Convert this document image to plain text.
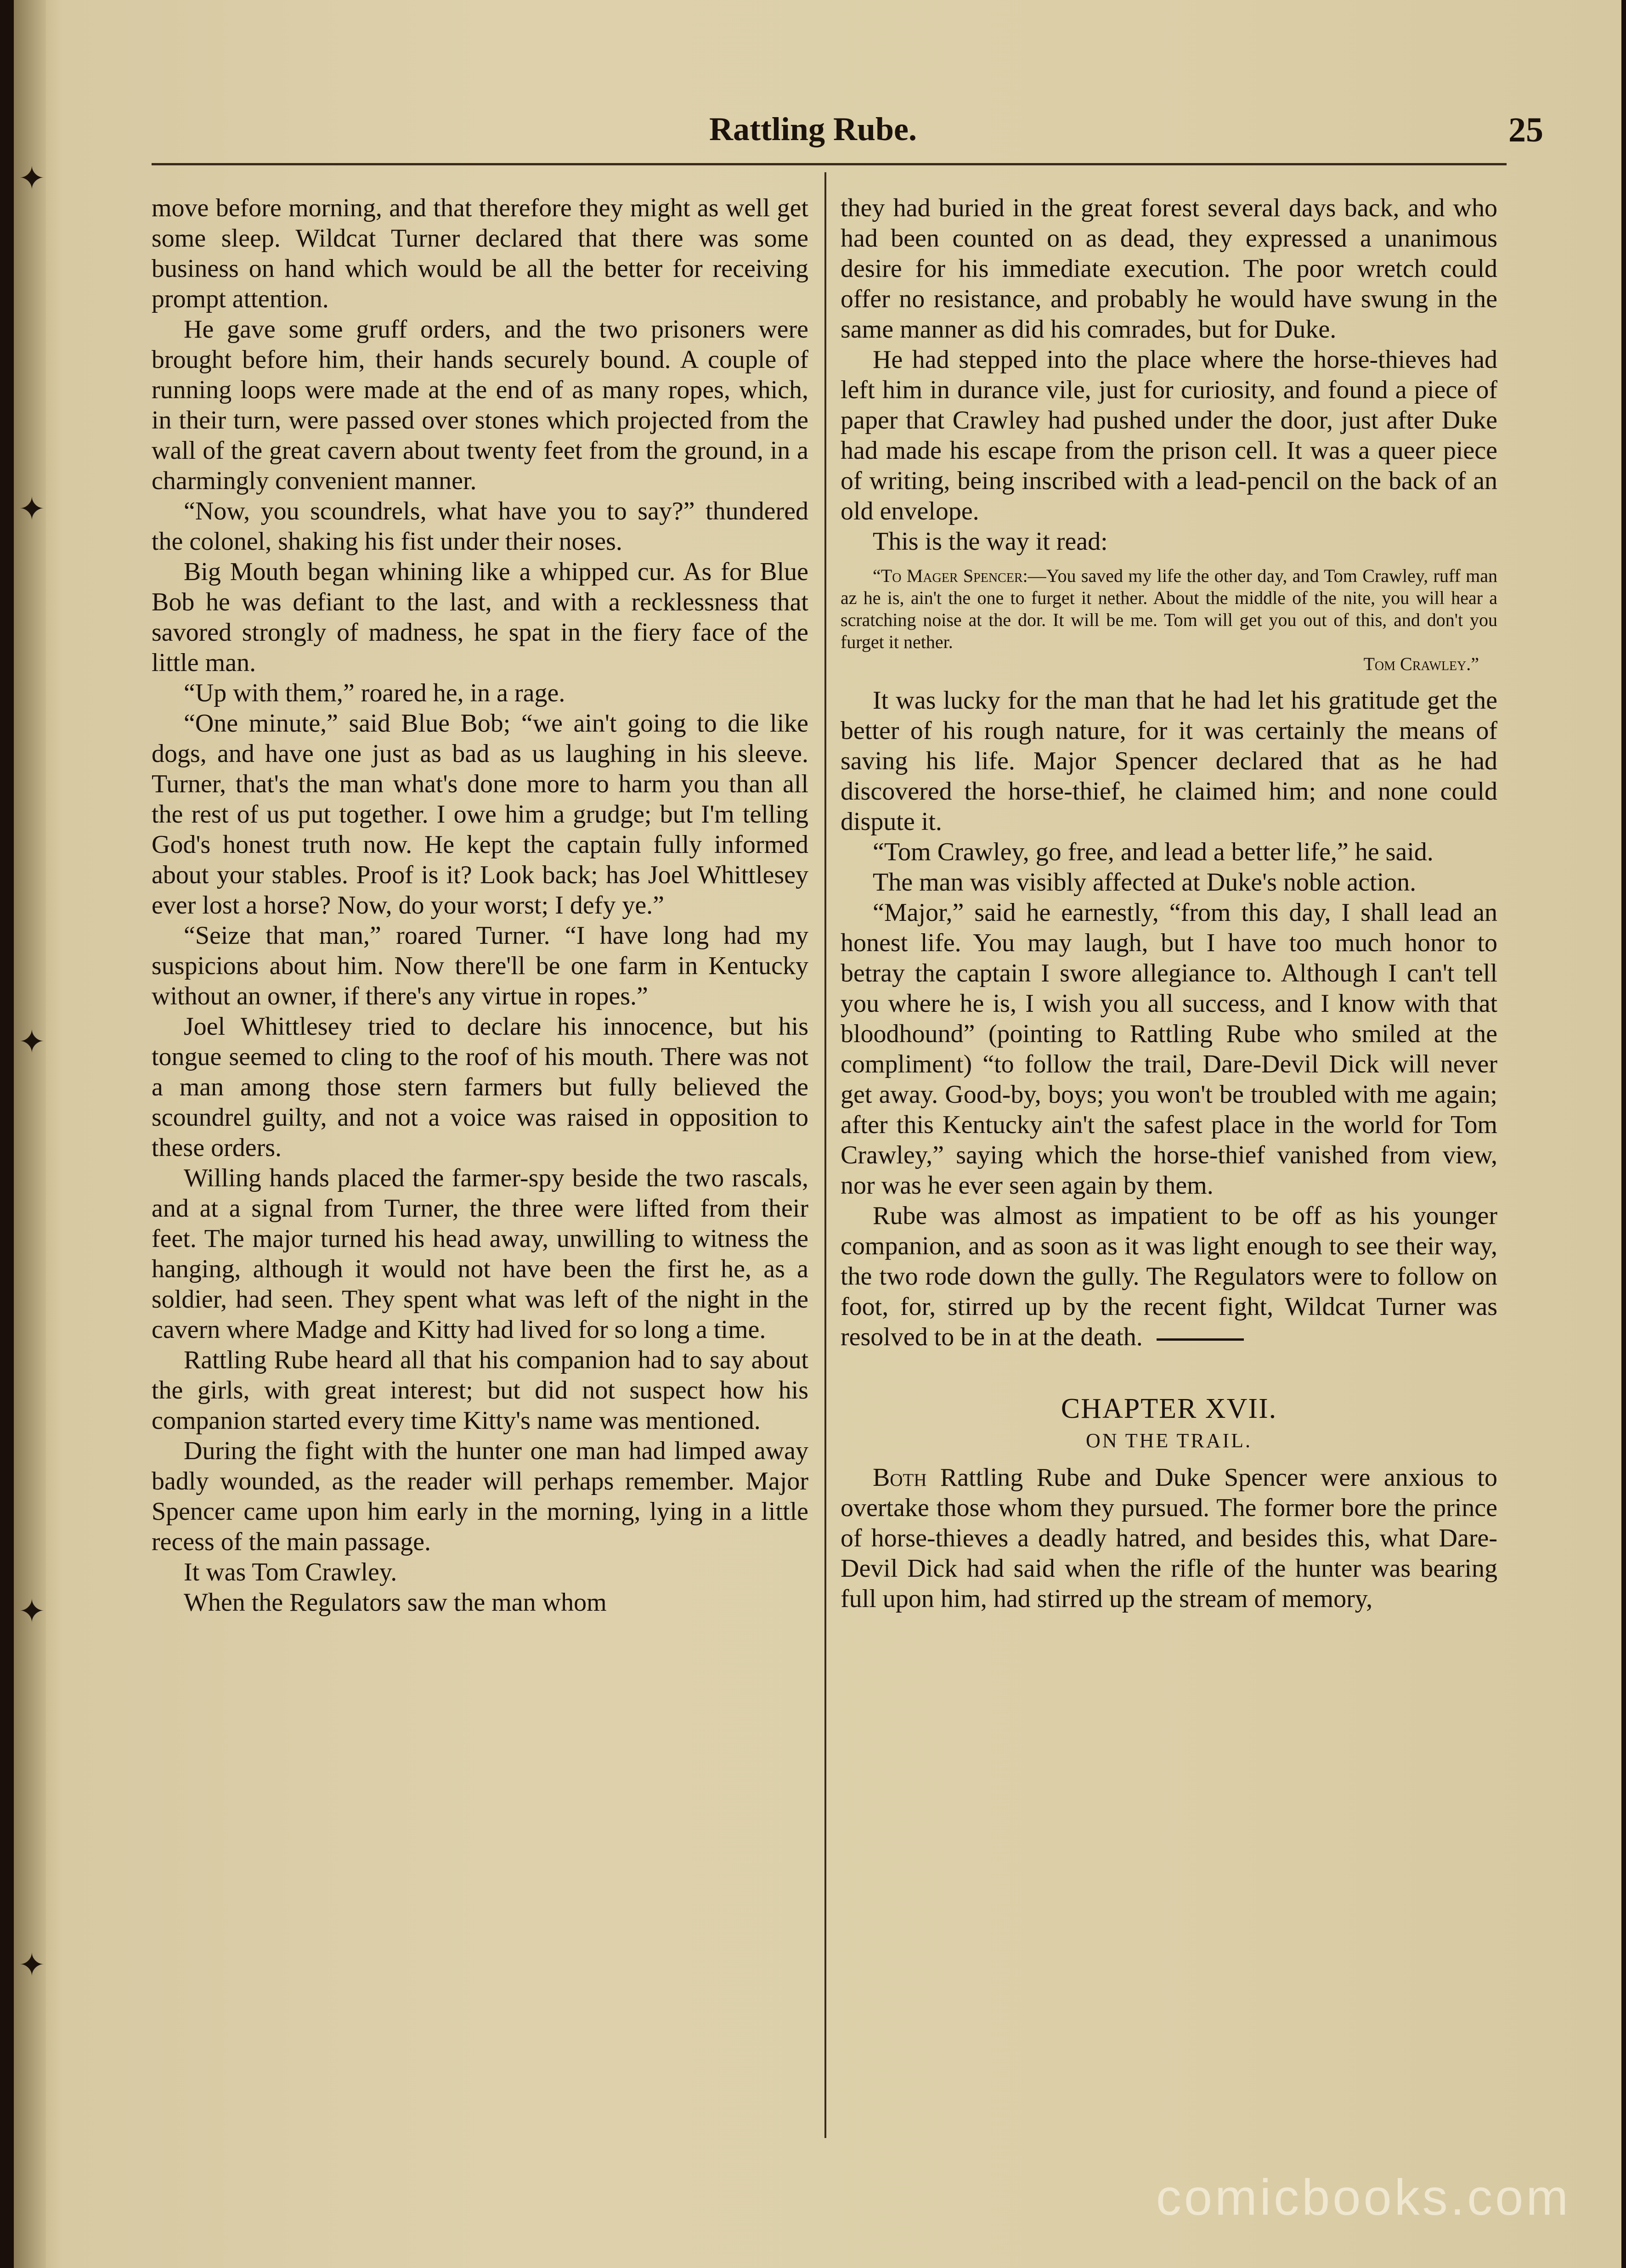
✦
✦
✦
✦
✦
Rattling Rube.	25

move before morning, and that therefore they might as well get some sleep. Wildcat Turner declared that there was some business on hand which would be all the better for receiving prompt attention.

He gave some gruff orders, and the two prisoners were brought before him, their hands securely bound. A couple of running loops were made at the end of as many ropes, which, in their turn, were passed over stones which projected from the wall of the great cavern about twenty feet from the ground, in a charmingly convenient manner.

“Now, you scoundrels, what have you to say?” thundered the colonel, shaking his fist under their noses.

Big Mouth began whining like a whipped cur. As for Blue Bob he was defiant to the last, and with a recklessness that savored strongly of madness, he spat in the fiery face of the little man.

“Up with them,” roared he, in a rage.

“One minute,” said Blue Bob; “we ain't going to die like dogs, and have one just as bad as us laughing in his sleeve. Turner, that's the man what's done more to harm you than all the rest of us put together. I owe him a grudge; but I'm telling God's honest truth now. He kept the captain fully informed about your stables. Proof is it? Look back; has Joel Whittlesey ever lost a horse? Now, do your worst; I defy ye.”

“Seize that man,” roared Turner. “I have long had my suspicions about him. Now there'll be one farm in Kentucky without an owner, if there's any virtue in ropes.”

Joel Whittlesey tried to declare his innocence, but his tongue seemed to cling to the roof of his mouth. There was not a man among those stern farmers but fully believed the scoundrel guilty, and not a voice was raised in opposition to these orders.

Willing hands placed the farmer-spy beside the two rascals, and at a signal from Turner, the three were lifted from their feet. The major turned his head away, unwilling to witness the hanging, although it would not have been the first he, as a soldier, had seen. They spent what was left of the night in the cavern where Madge and Kitty had lived for so long a time.

Rattling Rube heard all that his companion had to say about the girls, with great interest; but did not suspect how his companion started every time Kitty's name was mentioned.

During the fight with the hunter one man had limped away badly wounded, as the reader will perhaps remember. Major Spencer came upon him early in the morning, lying in a little recess of the main passage.

It was Tom Crawley.

When the Regulators saw the man whom

they had buried in the great forest several days back, and who had been counted on as dead, they expressed a unanimous desire for his immediate execution. The poor wretch could offer no resistance, and probably he would have swung in the same manner as did his comrades, but for Duke.

He had stepped into the place where the horse-thieves had left him in durance vile, just for curiosity, and found a piece of paper that Crawley had pushed under the door, just after Duke had made his escape from the prison cell. It was a queer piece of writing, being inscribed with a lead-pencil on the back of an old envelope.

This is the way it read:

“To Mager Spencer:—You saved my life the other day, and Tom Crawley, ruff man az he is, ain't the one to furget it nether. About the middle of the nite, you will hear a scratching noise at the dor. It will be me. Tom will get you out of this, and don't you furget it nether.
Tom Crawley.”

It was lucky for the man that he had let his gratitude get the better of his rough nature, for it was certainly the means of saving his life. Major Spencer declared that as he had discovered the horse-thief, he claimed him; and none could dispute it.

“Tom Crawley, go free, and lead a better life,” he said.

The man was visibly affected at Duke's noble action.

“Major,” said he earnestly, “from this day, I shall lead an honest life. You may laugh, but I have too much honor to betray the captain I swore allegiance to. Although I can't tell you where he is, I wish you all success, and I know with that bloodhound” (pointing to Rattling Rube who smiled at the compliment) “to follow the trail, Dare-Devil Dick will never get away. Good-by, boys; you won't be troubled with me again; after this Kentucky ain't the safest place in the world for Tom Crawley,” saying which the horse-thief vanished from view, nor was he ever seen again by them.

Rube was almost as impatient to be off as his younger companion, and as soon as it was light enough to see their way, the two rode down the gully. The Regulators were to follow on foot, for, stirred up by the recent fight, Wildcat Turner was resolved to be in at the death.

CHAPTER XVII.
ON THE TRAIL.

Both Rattling Rube and Duke Spencer were anxious to overtake those whom they pursued. The former bore the prince of horse-thieves a deadly hatred, and besides this, what Dare-Devil Dick had said when the rifle of the hunter was bearing full upon him, had stirred up the stream of memory,

comicbooks.com
